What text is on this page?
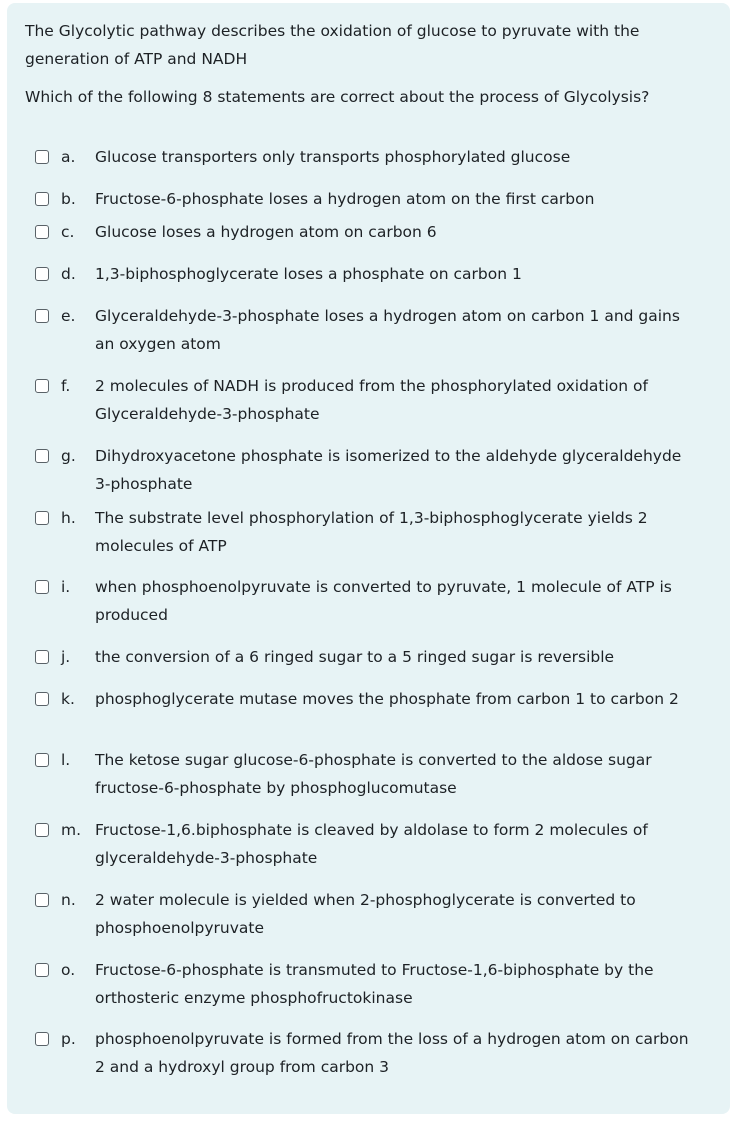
The Glycolytic pathway describes the oxidation of glucose to pyruvate with the generation of ATP and NADH

Which of the following 8 statements are correct about the process of Glycolysis?

a. Glucose transporters only transports phosphorylated glucose
b. Fructose-6-phosphate loses a hydrogen atom on the first carbon
c. Glucose loses a hydrogen atom on carbon 6
d. 1,3-biphosphoglycerate loses a phosphate on carbon 1
e. Glyceraldehyde-3-phosphate loses a hydrogen atom on carbon 1 and gains an oxygen atom
f. 2 molecules of NADH is produced from the phosphorylated oxidation of Glyceraldehyde-3-phosphate
g. Dihydroxyacetone phosphate is isomerized to the aldehyde glyceraldehyde 3-phosphate
h. The substrate level phosphorylation of 1,3-biphosphoglycerate yields 2 molecules of ATP
i. when phosphoenolpyruvate is converted to pyruvate, 1 molecule of ATP is produced
j. the conversion of a 6 ringed sugar to a 5 ringed sugar is reversible
k. phosphoglycerate mutase moves the phosphate from carbon 1 to carbon 2
l. The ketose sugar glucose-6-phosphate is converted to the aldose sugar fructose-6-phosphate by phosphoglucomutase
m. Fructose-1,6.biphosphate is cleaved by aldolase to form 2 molecules of glyceraldehyde-3-phosphate
n. 2 water molecule is yielded when 2-phosphoglycerate is converted to phosphoenolpyruvate
o. Fructose-6-phosphate is transmuted to Fructose-1,6-biphosphate by the orthosteric enzyme phosphofructokinase
p. phosphoenolpyruvate is formed from the loss of a hydrogen atom on carbon 2 and a hydroxyl group from carbon 3
